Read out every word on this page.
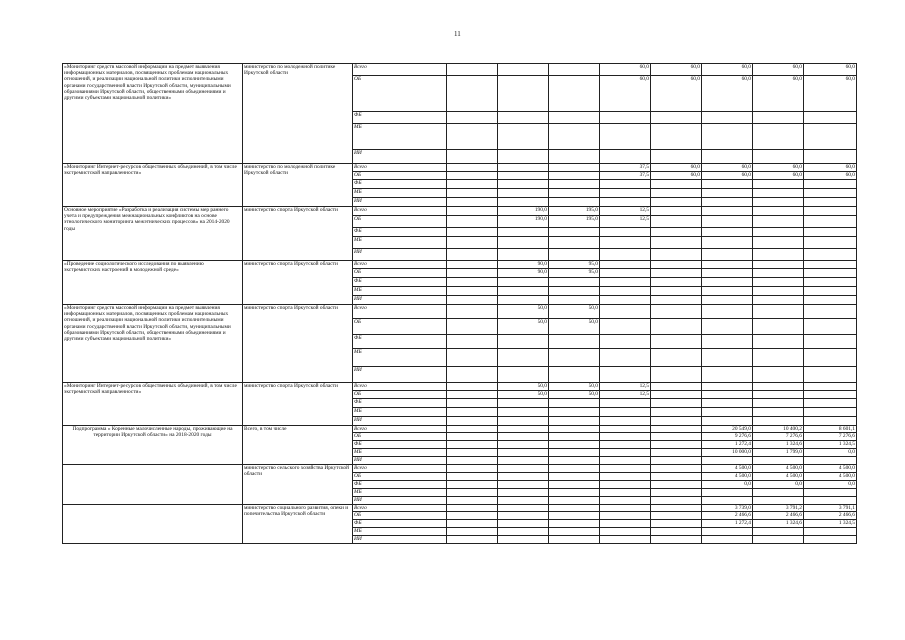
11
«Мониторинг средств массовой информации на предмет выявления информационных материалов, посвященных проблемам национальных отношений, и реализации национальной политики исполнительными органами государственной власти Иркутской области, муниципальными образованиями Иркутской области, общественными объединениями и другими субъектами национальной политики»	министерство по молодежной политике Иркутской области	Всего				60,0	60,0	60,0	60,0	60,0
		ОБ				60,0	60,0	60,0	60,0	60,0
		ФБ								
		МБ								
		ИИ								
«Мониторинг Интернет-ресурсов общественных объединений, в том числе экстремистской направленности»	министерство по молодежной политике Иркутской области	Всего				37,5	60,0	60,0	60,0	60,0
		ОБ				37,5	60,0	60,0	60,0	60,0
		ФБ								
		МБ								
		ИИ								
Основное мероприятие «Разработка и реализация системы мер раннего учета и предупреждения межнациональных конфликтов на основе этнологического мониторинга межэтнических процессов» на 2014-2020 годы	министерство спорта Иркутской области	Всего		190,0	195,0	12,5				
		ОБ		190,0	195,0	12,5				
		ФБ								
		МБ								
		ИИ								
«Проведение социологического исследования по выявлению экстремистских настроений в молодежной среде»	министерство спорта Иркутской области	Всего		90,0	95,0					
		ОБ		90,0	95,0					
		ФБ								
		МБ								
		ИИ								
«Мониторинг средств массовой информации на предмет выявления информационных материалов, посвященных проблемам национальных отношений, и реализации национальной политики исполнительными органами государственной власти Иркутской области, муниципальными образованиями Иркутской области, общественными объединениями и другими субъектами национальной политики»	министерство спорта Иркутской области	Всего		50,0	50,0					
		ОБ		50,0	50,0					
		ФБ								
		МБ								
		ИИ								
«Мониторинг Интернет-ресурсов общественных объединений, в том числе экстремистской направленности»	министерство спорта Иркутской области	Всего		50,0	50,0	12,5				
		ОБ		50,0	50,0	12,5				
		ФБ								
		МБ								
		ИИ								
Подпрограмма « Коренные малочисленные народы, проживающие на территории Иркутской области» на 2018-2020 годы	Всего, в том числе	Всего						20 549,0	10 400,2	8 601,1
		ОБ						9 276,6	7 276,6	7 276,6
		ФБ						1 272,4	1 324,6	1 324,5
		МБ						10 000,0	1 799,0	0,0
		ИИ								
	министерство сельского хозяйства Иркутской области	Всего						4 500,0	4 500,0	4 500,0
		ОБ						4 500,0	4 500,0	4 500,0
		ФБ						0,0	0,0	0,0
		МБ								
		ИИ								
	министерство социального развития, опеки и попечительства Иркутской области	Всего						3 739,0	3 791,2	3 791,1
		ОБ						2 466,6	2 466,6	2 466,6
		ФБ						1 272,4	1 324,6	1 324,5
		МБ								
		ИИ								
